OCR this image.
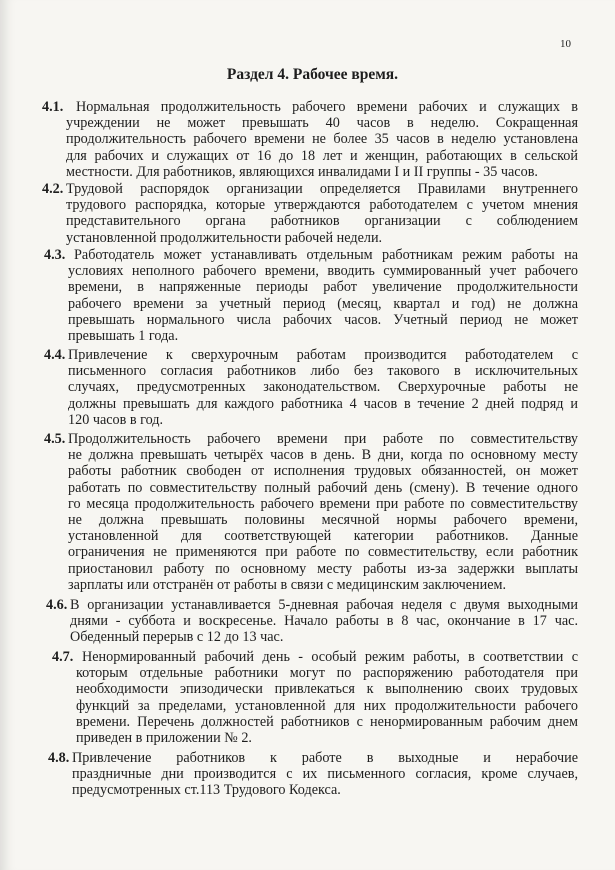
10
Раздел 4. Рабочее время.
4.1. Нормальная продолжительность рабочего времени рабочих и служащих в
учреждении не может превышать 40 часов в неделю. Сокращенная
продолжительность рабочего времени не более 35 часов в неделю установлена
для рабочих и служащих от 16 до 18 лет и женщин, работающих в сельской
местности. Для работников, являющихся инвалидами I и II группы - 35 часов.
4.2. Трудовой распорядок организации определяется Правилами внутреннего
трудового распорядка, которые утверждаются работодателем с учетом мнения
представительного органа работников организации с соблюдением
установленной продолжительности рабочей недели.
4.3. Работодатель может устанавливать отдельным работникам режим работы на
условиях неполного рабочего времени, вводить суммированный учет рабочего
времени, в напряженные периоды работ увеличение продолжительности
рабочего времени за учетный период (месяц, квартал и год) не должна
превышать нормального числа рабочих часов. Учетный период не может
превышать 1 года.
4.4. Привлечение к сверхурочным работам производится работодателем с
письменного согласия работников либо без такового в исключительных
случаях, предусмотренных законодательством. Сверхурочные работы не
должны превышать для каждого работника 4 часов в течение 2 дней подряд и
120 часов в год.
4.5. Продолжительность рабочего времени при работе по совместительству
не должна превышать четырёх часов в день. В дни, когда по основному месту
работы работник свободен от исполнения трудовых обязанностей, он может
работать по совместительству полный рабочий день (смену). В течение одного
го месяца продолжительность рабочего времени при работе по совместительству
не должна превышать половины месячной нормы рабочего времени,
установленной для соответствующей категории работников. Данные
ограничения не применяются при работе по совместительству, если работник
приостановил работу по основному месту работы из-за задержки выплаты
зарплаты или отстранён от работы в связи с медицинским заключением.
4.6. В организации устанавливается 5-дневная рабочая неделя с двумя выходными
днями - суббота и воскресенье. Начало работы в 8 час, окончание в 17 час.
Обеденный перерыв с 12 до 13 час.
4.7. Ненормированный рабочий день - особый режим работы, в соответствии с
которым отдельные работники могут по распоряжению работодателя при
необходимости эпизодически привлекаться к выполнению своих трудовых
функций за пределами, установленной для них продолжительности рабочего
времени. Перечень должностей работников с ненормированным рабочим днем
приведен в приложении № 2.
4.8. Привлечение работников к работе в выходные и нерабочие
праздничные дни производится с их письменного согласия, кроме случаев,
предусмотренных ст.113 Трудового Кодекса.
